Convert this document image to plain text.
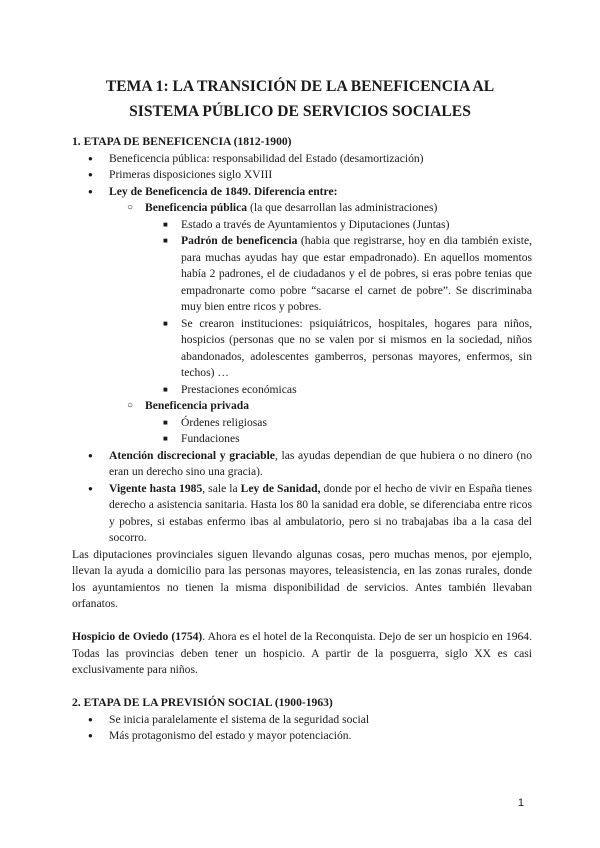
TEMA 1: LA TRANSICIÓN DE LA BENEFICENCIA AL
SISTEMA PÚBLICO DE SERVICIOS SOCIALES

1. ETAPA DE BENEFICENCIA (1812-1900)

● Beneficencia pública: responsabilidad del Estado (desamortización)
● Primeras disposiciones siglo XVIII
● Ley de Beneficencia de 1849. Diferencia entre:
○ Beneficencia pública (la que desarrollan las administraciones)
■ Estado a través de Ayuntamientos y Diputaciones (Juntas)
■ Padrón de beneficencia (habia que registrarse, hoy en dia también existe, para muchas ayudas hay que estar empadronado). En aquellos momentos había 2 padrones, el de ciudadanos y el de pobres, si eras pobre tenias que empadronarte como pobre “sacarse el carnet de pobre”. Se discriminaba muy bien entre ricos y pobres.
■ Se crearon instituciones: psiquiátricos, hospitales, hogares para niños, hospicios (personas que no se valen por si mismos en la sociedad, niños abandonados, adolescentes gamberros, personas mayores, enfermos, sin techos) …
■ Prestaciones económicas
○ Beneficencia privada
■ Órdenes religiosas
■ Fundaciones
● Atención discrecional y graciable, las ayudas dependian de que hubiera o no dinero (no eran un derecho sino una gracia).
● Vigente hasta 1985, sale la Ley de Sanidad, donde por el hecho de vivir en España tienes derecho a asistencia sanitaria. Hasta los 80 la sanidad era doble, se diferenciaba entre ricos y pobres, si estabas enfermo ibas al ambulatorio, pero si no trabajabas iba a la casa del socorro.

Las diputaciones provinciales siguen llevando algunas cosas, pero muchas menos, por ejemplo, llevan la ayuda a domicilio para las personas mayores, teleasistencia, en las zonas rurales, donde los ayuntamientos no tienen la misma disponibilidad de servicios. Antes también llevaban orfanatos.

Hospicio de Oviedo (1754). Ahora es el hotel de la Reconquista. Dejo de ser un hospicio en 1964. Todas las provincias deben tener un hospicio. A partir de la posguerra, siglo XX es casi exclusivamente para niños.

2. ETAPA DE LA PREVISIÓN SOCIAL (1900-1963)

● Se inicia paralelamente el sistema de la seguridad social
● Más protagonismo del estado y mayor potenciación.
1
